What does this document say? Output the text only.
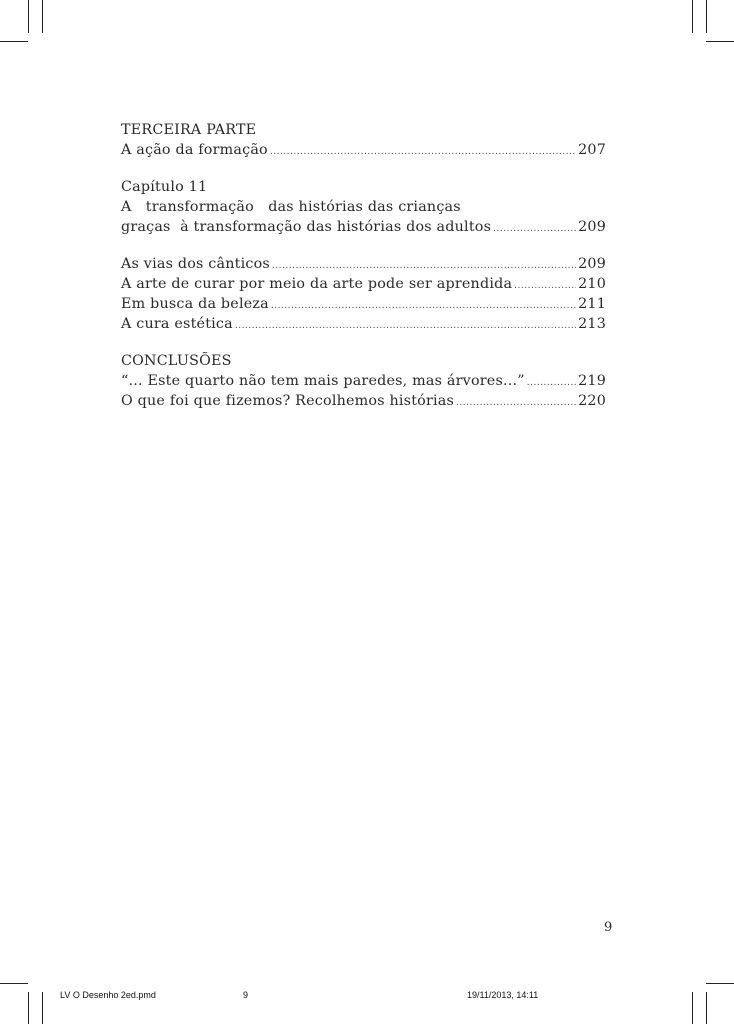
TERCEIRA PARTE
A ação da formação .....	207
Capítulo 11
A   transformação   das histórias das crianças
graças  à transformação das histórias dos adultos .....	209
As vias dos cânticos .....	209
A arte de curar por meio da arte pode ser aprendida .....	210
Em busca da beleza .....	211
A cura estética .....	213
CONCLUSÕES
“... Este quarto não tem mais paredes, mas árvores...” .....	219
O que foi que fizemos? Recolhemos histórias .....	220
9
LV O Desenho 2ed.pmd	9	19/11/2013, 14:11
